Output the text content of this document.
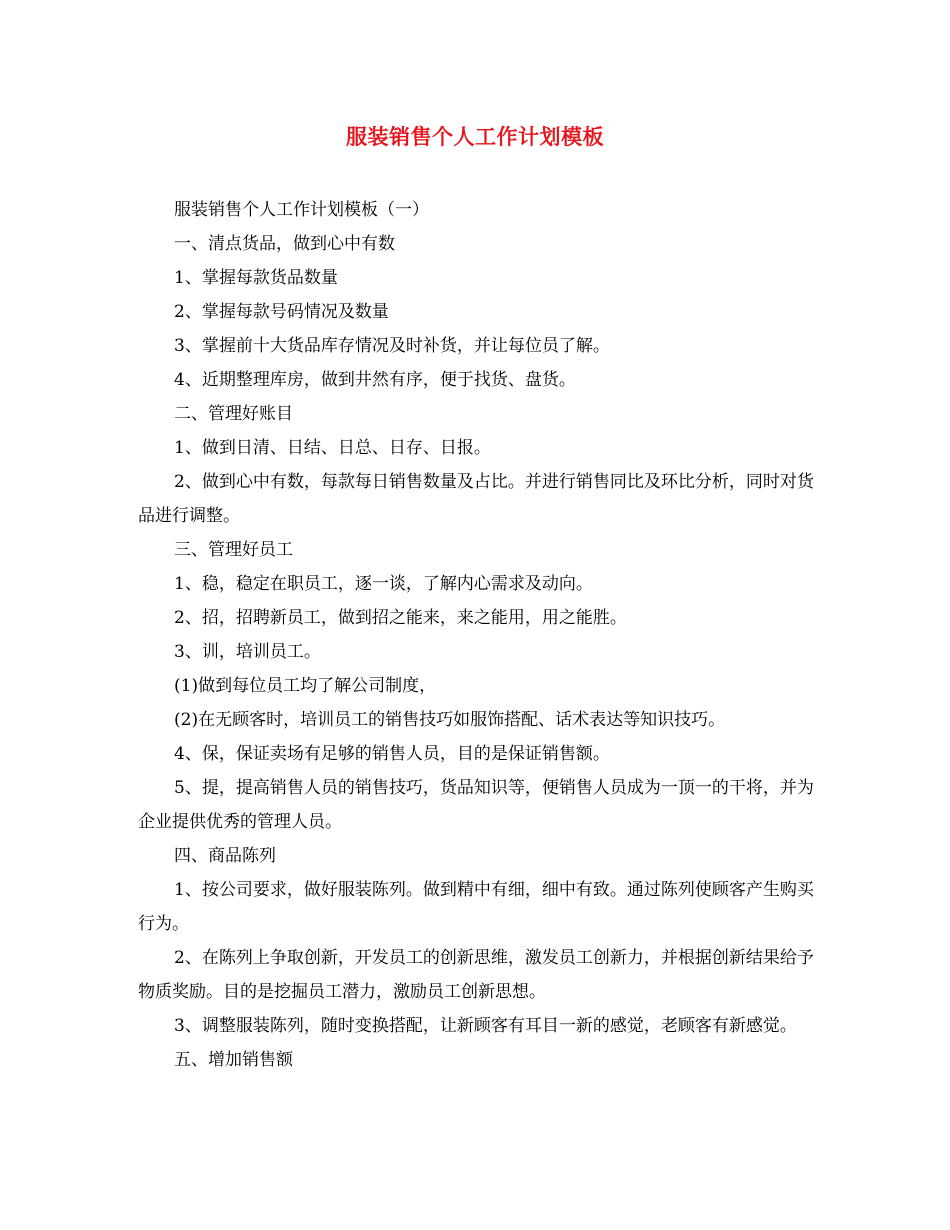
服装销售个人工作计划模板

服装销售个人工作计划模板（一）

一、清点货品，做到心中有数

1、掌握每款货品数量

2、掌握每款号码情况及数量

3、掌握前十大货品库存情况及时补货，并让每位员了解。

4、近期整理库房，做到井然有序，便于找货、盘货。

二、管理好账目

1、做到日清、日结、日总、日存、日报。

2、做到心中有数，每款每日销售数量及占比。并进行销售同比及环比分析，同时对货品进行调整。

三、管理好员工

1、稳，稳定在职员工，逐一谈，了解内心需求及动向。

2、招，招聘新员工，做到招之能来，来之能用，用之能胜。

3、训，培训员工。

(1)做到每位员工均了解公司制度，

(2)在无顾客时，培训员工的销售技巧如服饰搭配、话术表达等知识技巧。

4、保，保证卖场有足够的销售人员，目的是保证销售额。

5、提，提高销售人员的销售技巧，货品知识等，便销售人员成为一顶一的干将，并为企业提供优秀的管理人员。

四、商品陈列

1、按公司要求，做好服装陈列。做到精中有细，细中有致。通过陈列使顾客产生购买行为。

2、在陈列上争取创新，开发员工的创新思维，激发员工创新力，并根据创新结果给予物质奖励。目的是挖掘员工潜力，激励员工创新思想。

3、调整服装陈列，随时变换搭配，让新顾客有耳目一新的感觉，老顾客有新感觉。

五、增加销售额
